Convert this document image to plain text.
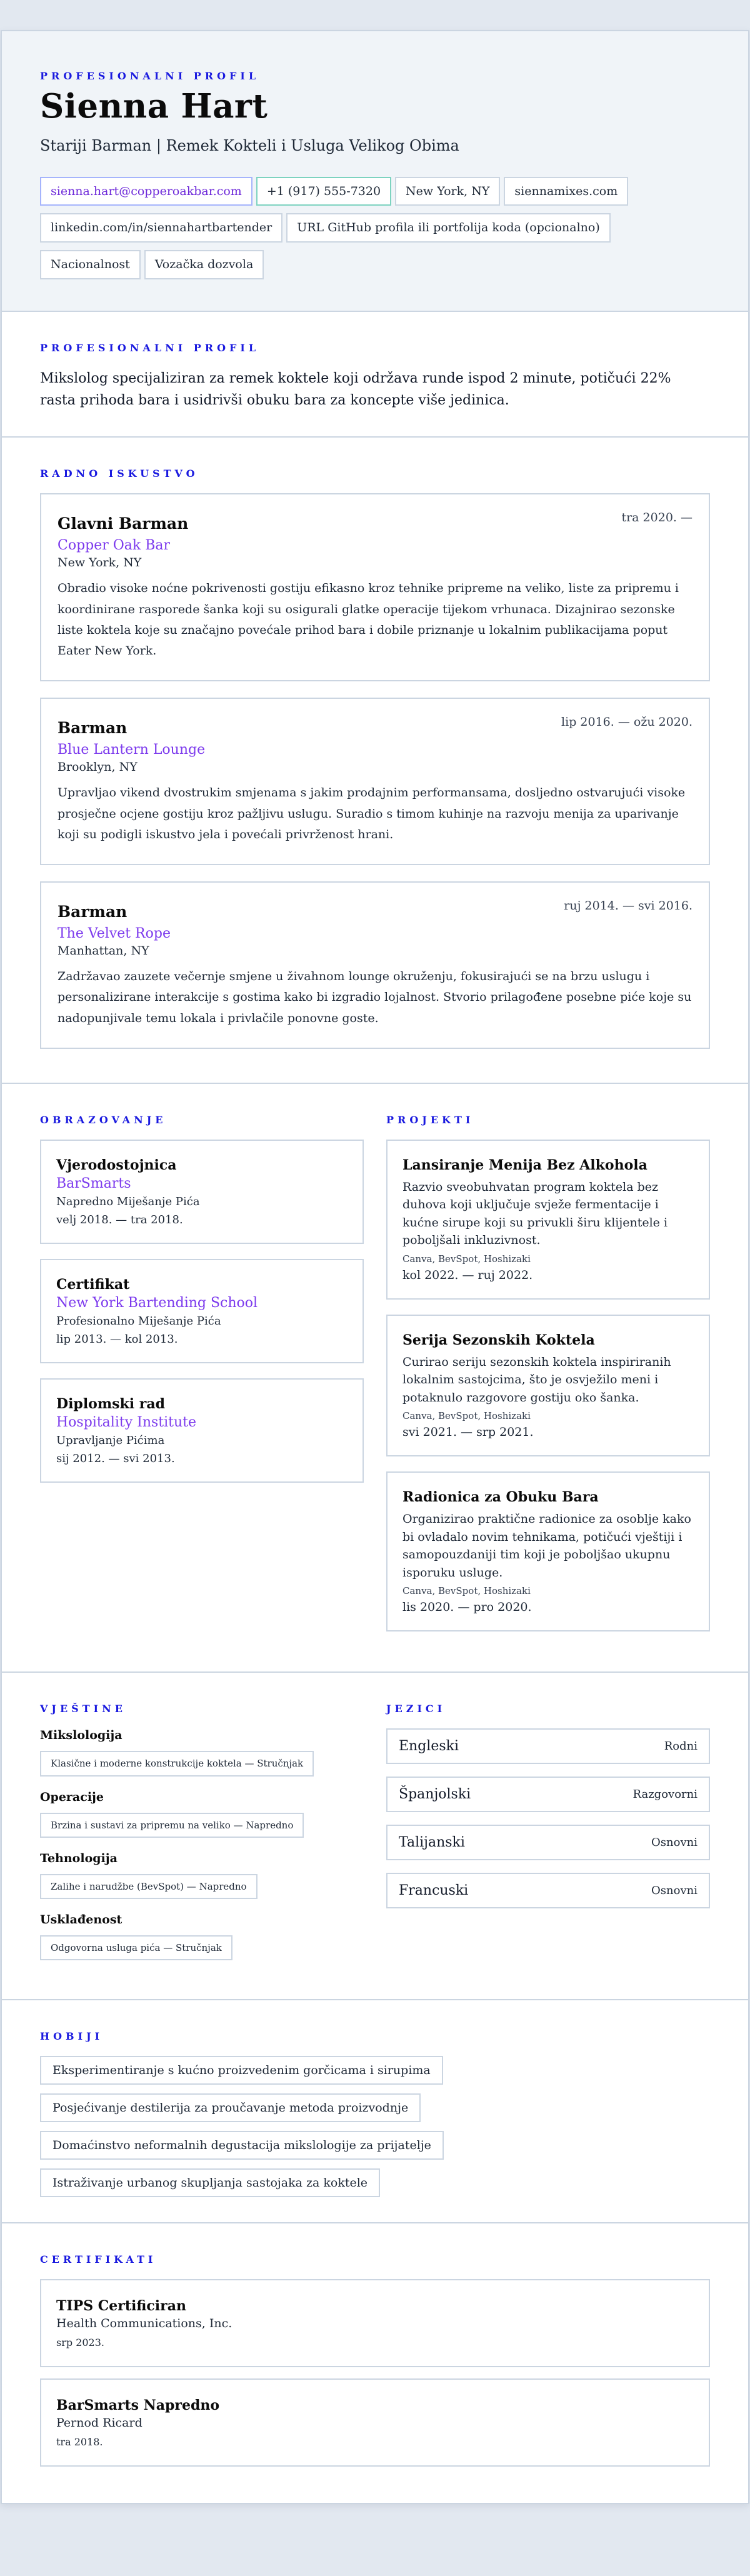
PROFESIONALNI PROFIL
Sienna Hart
Stariji Barman | Remek Kokteli i Usluga Velikog Obima
sienna.hart@copperoakbar.com	+1 (917) 555-7320	New York, NY	siennamixes.com
linkedin.com/in/siennahartbartender	URL GitHub profila ili portfolija koda (opcionalno)
Nacionalnost	Vozačka dozvola
PROFESIONALNI PROFIL

Mikslolog specijaliziran za remek koktele koji održava runde ispod 2 minute, potičući 22% rasta prihoda bara i usidrivši obuku bara za koncepte više jedinica.

RADNO ISKUSTVO
Glavni Barman	tra 2020. —
Copper Oak Bar
New York, NY

Obradio visoke noćne pokrivenosti gostiju efikasno kroz tehnike pripreme na veliko, liste za pripremu i koordinirane rasporede šanka koji su osigurali glatke operacije tijekom vrhunaca. Dizajnirao sezonske liste koktela koje su značajno povećale prihod bara i dobile priznanje u lokalnim publikacijama poput Eater New York.

Barman	lip 2016. — ožu 2020.
Blue Lantern Lounge
Brooklyn, NY

Upravljao vikend dvostrukim smjenama s jakim prodajnim performansama, dosljedno ostvarujući visoke prosječne ocjene gostiju kroz pažljivu uslugu. Suradio s timom kuhinje na razvoju menija za uparivanje koji su podigli iskustvo jela i povećali privrženost hrani.

Barman	ruj 2014. — svi 2016.
The Velvet Rope
Manhattan, NY

Zadržavao zauzete večernje smjene u živahnom lounge okruženju, fokusirajući se na brzu uslugu i personalizirane interakcije s gostima kako bi izgradio lojalnost. Stvorio prilagođene posebne piće koje su nadopunjivale temu lokala i privlačile ponovne goste.

OBRAZOVANJE
Vjerodostojnica
BarSmarts
Napredno Miješanje Pića
velj 2018. — tra 2018.
Certifikat
New York Bartending School
Profesionalno Miješanje Pića
lip 2013. — kol 2013.
Diplomski rad
Hospitality Institute
Upravljanje Pićima
sij 2012. — svi 2013.
PROJEKTI
Lansiranje Menija Bez Alkohola

Razvio sveobuhvatan program koktela bez duhova koji uključuje svježe fermentacije i kućne sirupe koji su privukli širu klijentele i poboljšali inkluzivnost.

Canva, BevSpot, Hoshizaki
kol 2022. — ruj 2022.
Serija Sezonskih Koktela

Curirao seriju sezonskih koktela inspiriranih lokalnim sastojcima, što je osvježilo meni i potaknulo razgovore gostiju oko šanka.

Canva, BevSpot, Hoshizaki
svi 2021. — srp 2021.
Radionica za Obuku Bara

Organizirao praktične radionice za osoblje kako bi ovladalo novim tehnikama, potičući vještiji i samopouzdaniji tim koji je poboljšao ukupnu isporuku usluge.

Canva, BevSpot, Hoshizaki
lis 2020. — pro 2020.
VJEŠTINE
Mikslologija
Klasične i moderne konstrukcije koktela — Stručnjak
Operacije
Brzina i sustavi za pripremu na veliko — Napredno
Tehnologija
Zalihe i narudžbe (BevSpot) — Napredno
Usklađenost
Odgovorna usluga pića — Stručnjak
JEZICI
Engleski	Rodni
Španjolski	Razgovorni
Talijanski	Osnovni
Francuski	Osnovni
HOBIJI
Eksperimentiranje s kućno proizvedenim gorčicama i sirupima
Posjećivanje destilerija za proučavanje metoda proizvodnje
Domaćinstvo neformalnih degustacija mikslologije za prijatelje
Istraživanje urbanog skupljanja sastojaka za koktele
CERTIFIKATI
TIPS Certificiran
Health Communications, Inc.
srp 2023.
BarSmarts Napredno
Pernod Ricard
tra 2018.
